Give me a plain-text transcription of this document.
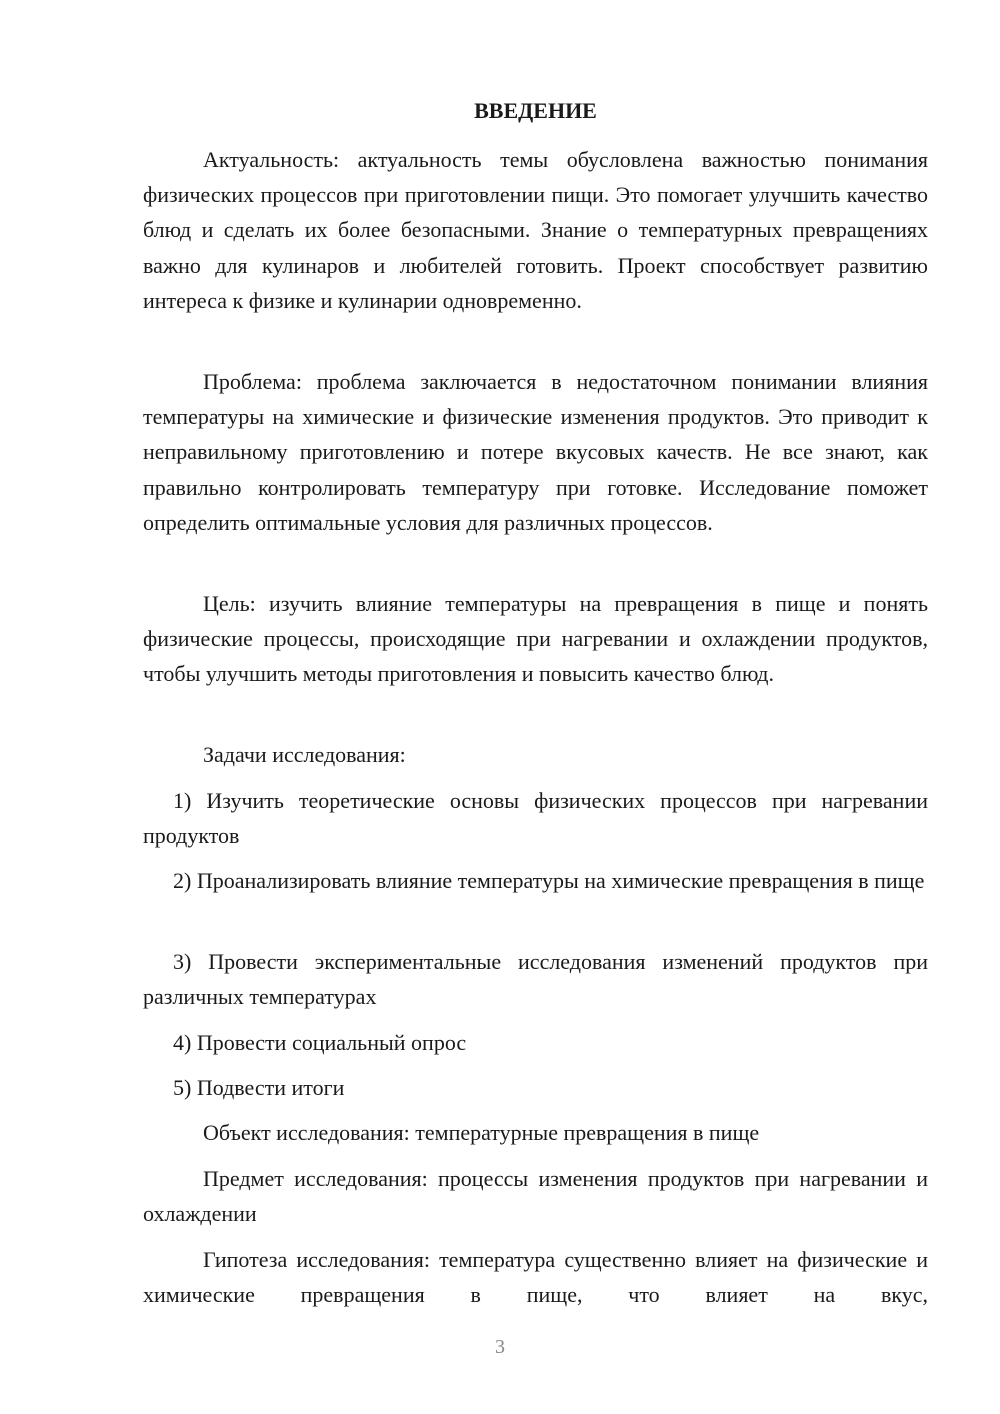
ВВЕДЕНИЕ

Актуальность: актуальность темы обусловлена важностью понимания физических процессов при приготовлении пищи. Это помогает улучшить качество блюд и сделать их более безопасными. Знание о температурных превращениях важно для кулинаров и любителей готовить. Проект способствует развитию интереса к физике и кулинарии одновременно.

Проблема: проблема заключается в недостаточном понимании влияния температуры на химические и физические изменения продуктов. Это приводит к неправильному приготовлению и потере вкусовых качеств. Не все знают, как правильно контролировать температуру при готовке. Исследование поможет определить оптимальные условия для различных процессов.

Цель: изучить влияние температуры на превращения в пище и понять физические процессы, происходящие при нагревании и охлаждении продуктов, чтобы улучшить методы приготовления и повысить качество блюд.

Задачи исследования:

1) Изучить теоретические основы физических процессов при нагревании продуктов

2) Проанализировать влияние температуры на химические превращения в пище

3) Провести экспериментальные исследования изменений продуктов при различных температурах

4) Провести социальный опрос

5) Подвести итоги

Объект исследования: температурные превращения в пище

Предмет исследования: процессы изменения продуктов при нагревании и охлаждении

Гипотеза исследования: температура существенно влияет на физические и химические превращения в пище, что влияет на вкус,

3
